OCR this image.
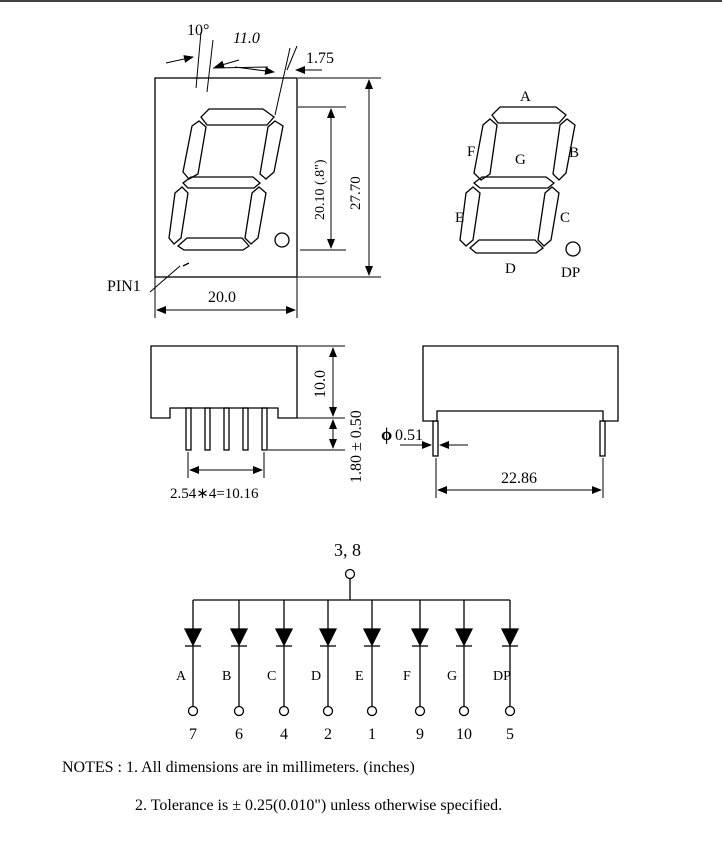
10° 11.0
1.75
20.10 (.8") 27.70
20.0
PIN1
A
B
C
D
E
F	G
DP
10.0
1.80 ± 0.50
2.54∗4=10.16
ϕ 0.51
22.86
3, 8
A
7
B
6
C
4
D
2
E
1
F
9
G
10
DP
5
NOTES : 1. All dimensions are in millimeters. (inches)
2. Tolerance is ± 0.25(0.010") unless otherwise specified.
